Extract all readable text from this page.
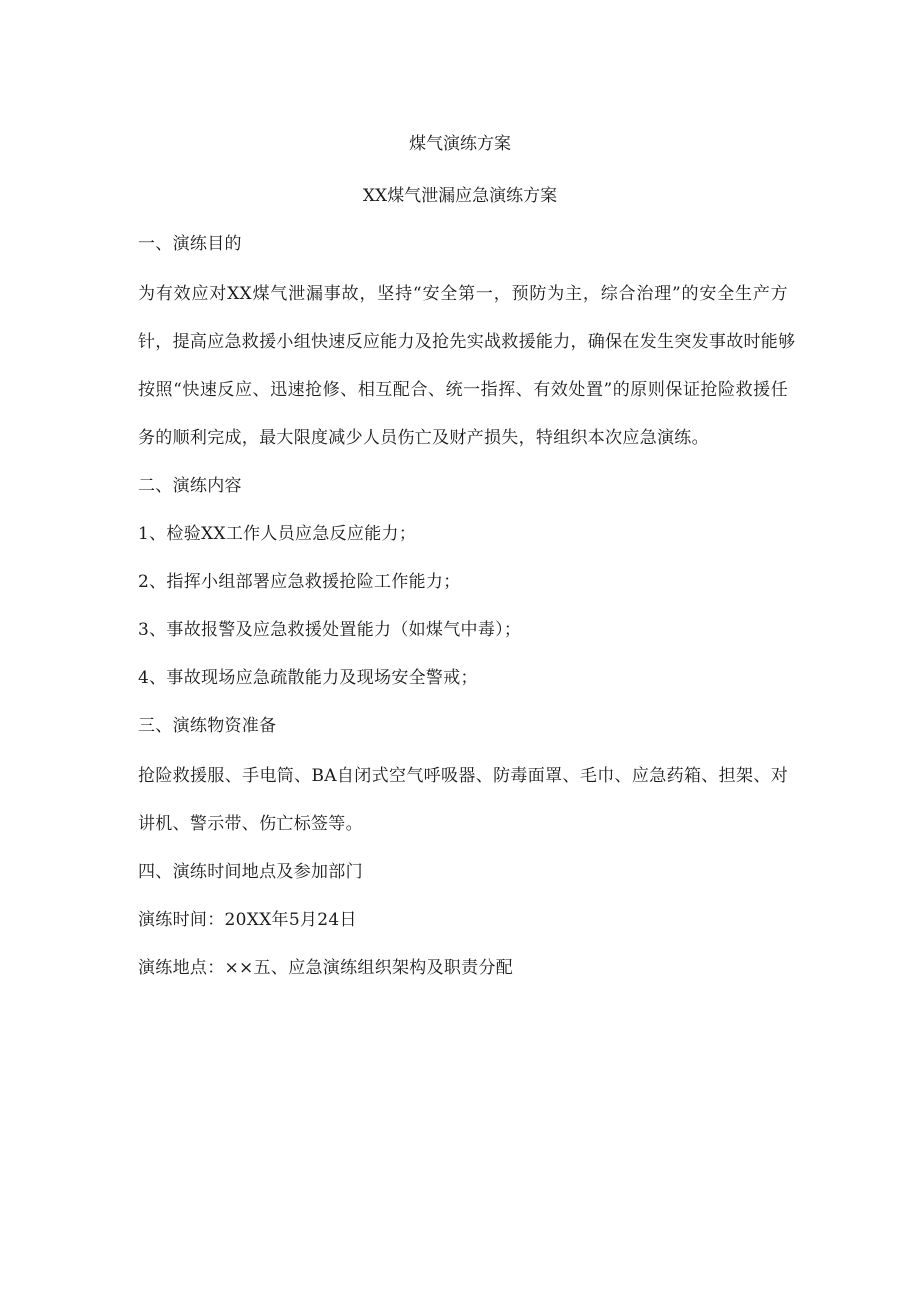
煤气演练方案
XX煤气泄漏应急演练方案
一、演练目的
为有效应对XX煤气泄漏事故，坚持“安全第一，预防为主，综合治理”的安全生产方
针，提高应急救援小组快速反应能力及抢先实战救援能力，确保在发生突发事故时能够
按照“快速反应、迅速抢修、相互配合、统一指挥、有效处置”的原则保证抢险救援任
务的顺利完成，最大限度减少人员伤亡及财产损失，特组织本次应急演练。
二、演练内容
1、检验XX工作人员应急反应能力；
2、指挥小组部署应急救援抢险工作能力；
3、事故报警及应急救援处置能力（如煤气中毒）；
4、事故现场应急疏散能力及现场安全警戒；
三、演练物资准备
抢险救援服、手电筒、BA自闭式空气呼吸器、防毒面罩、毛巾、应急药箱、担架、对
讲机、警示带、伤亡标签等。
四、演练时间地点及参加部门
演练时间：20XX年5月24日
演练地点：××五、应急演练组织架构及职责分配
